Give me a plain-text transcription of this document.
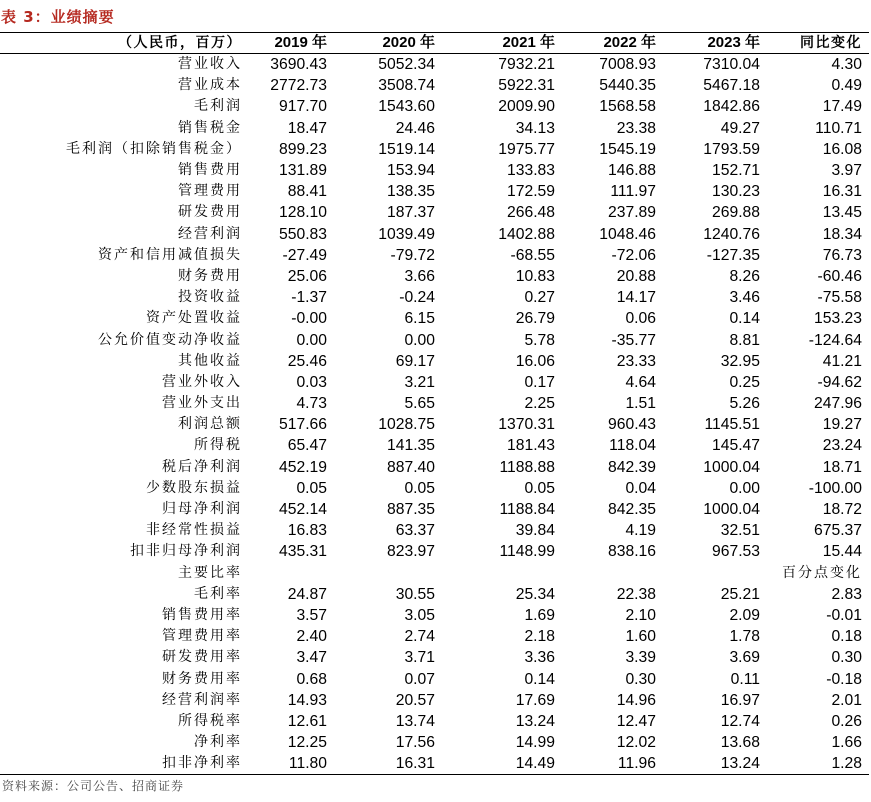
表 3：业绩摘要
（人民币，百万）	2019 年	2020 年	2021 年	2022 年	2023 年	同比变化
营业收入	3690.43	5052.34	7932.21	7008.93	7310.04	4.30
营业成本	2772.73	3508.74	5922.31	5440.35	5467.18	0.49
毛利润	917.70	1543.60	2009.90	1568.58	1842.86	17.49
销售税金	18.47	24.46	34.13	23.38	49.27	110.71
毛利润（扣除销售税金）	899.23	1519.14	1975.77	1545.19	1793.59	16.08
销售费用	131.89	153.94	133.83	146.88	152.71	3.97
管理费用	88.41	138.35	172.59	111.97	130.23	16.31
研发费用	128.10	187.37	266.48	237.89	269.88	13.45
经营利润	550.83	1039.49	1402.88	1048.46	1240.76	18.34
资产和信用减值损失	-27.49	-79.72	-68.55	-72.06	-127.35	76.73
财务费用	25.06	3.66	10.83	20.88	8.26	-60.46
投资收益	-1.37	-0.24	0.27	14.17	3.46	-75.58
资产处置收益	-0.00	6.15	26.79	0.06	0.14	153.23
公允价值变动净收益	0.00	0.00	5.78	-35.77	8.81	-124.64
其他收益	25.46	69.17	16.06	23.33	32.95	41.21
营业外收入	0.03	3.21	0.17	4.64	0.25	-94.62
营业外支出	4.73	5.65	2.25	1.51	5.26	247.96
利润总额	517.66	1028.75	1370.31	960.43	1145.51	19.27
所得税	65.47	141.35	181.43	118.04	145.47	23.24
税后净利润	452.19	887.40	1188.88	842.39	1000.04	18.71
少数股东损益	0.05	0.05	0.05	0.04	0.00	-100.00
归母净利润	452.14	887.35	1188.84	842.35	1000.04	18.72
非经常性损益	16.83	63.37	39.84	4.19	32.51	675.37
扣非归母净利润	435.31	823.97	1148.99	838.16	967.53	15.44
主要比率						百分点变化
毛利率	24.87	30.55	25.34	22.38	25.21	2.83
销售费用率	3.57	3.05	1.69	2.10	2.09	-0.01
管理费用率	2.40	2.74	2.18	1.60	1.78	0.18
研发费用率	3.47	3.71	3.36	3.39	3.69	0.30
财务费用率	0.68	0.07	0.14	0.30	0.11	-0.18
经营利润率	14.93	20.57	17.69	14.96	16.97	2.01
所得税率	12.61	13.74	13.24	12.47	12.74	0.26
净利率	12.25	17.56	14.99	12.02	13.68	1.66
扣非净利率	11.80	16.31	14.49	11.96	13.24	1.28
资料来源：公司公告、招商证券
